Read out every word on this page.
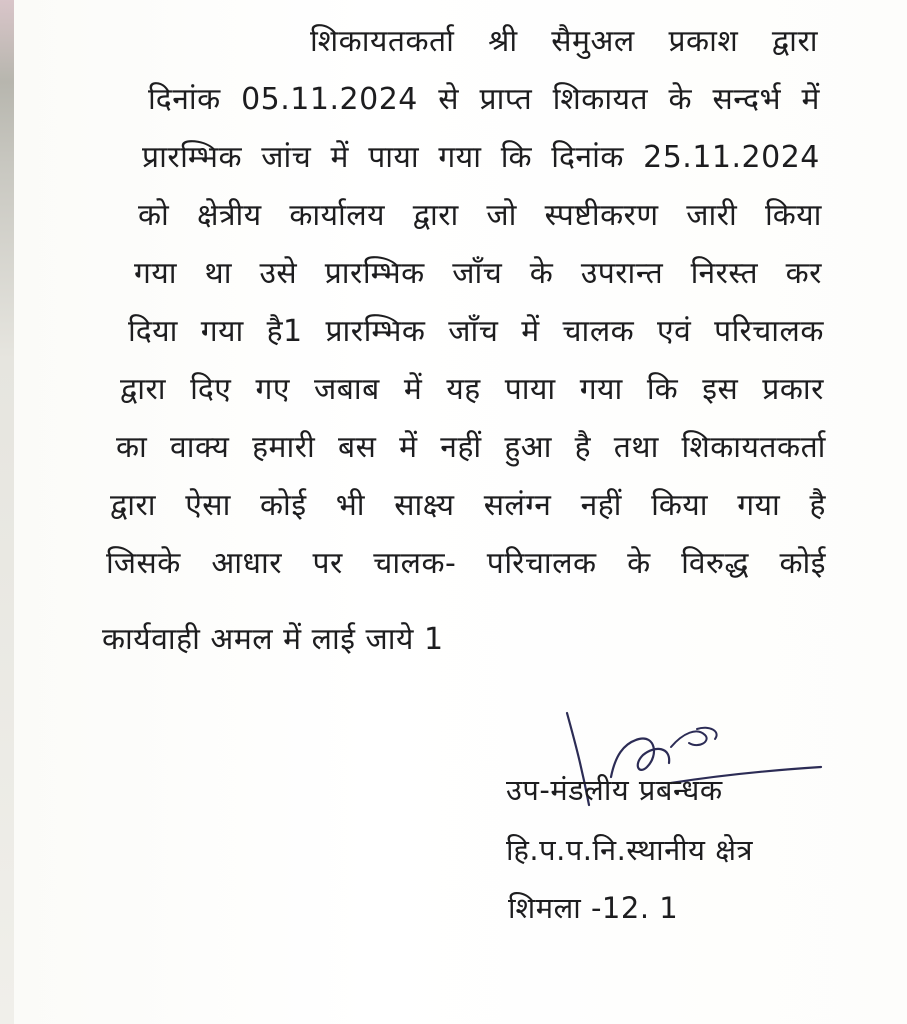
शिकायतकर्ता श्री सैमुअल प्रकाश द्वारा

दिनांक 05.11.2024 से प्राप्त शिकायत के सन्दर्भ में

प्रारम्भिक जांच में पाया गया कि दिनांक 25.11.2024

को क्षेत्रीय कार्यालय द्वारा जो स्पष्टीकरण जारी किया

गया था उसे प्रारम्भिक जाँच के उपरान्त निरस्त कर

दिया गया है1 प्रारम्भिक जाँच में चालक एवं परिचालक

द्वारा दिए गए जबाब में यह पाया गया कि इस प्रकार

का वाक्य हमारी बस में नहीं हुआ है तथा शिकायतकर्ता

द्वारा ऐसा कोई भी साक्ष्य सलंग्न नहीं किया गया है

जिसके आधार पर चालक- परिचालक के विरुद्ध कोई

कार्यवाही अमल में लाई जाये 1

उप-मंडलीय प्रबन्धक

हि.प.प.नि.स्थानीय क्षेत्र

शिमला -12. 1
